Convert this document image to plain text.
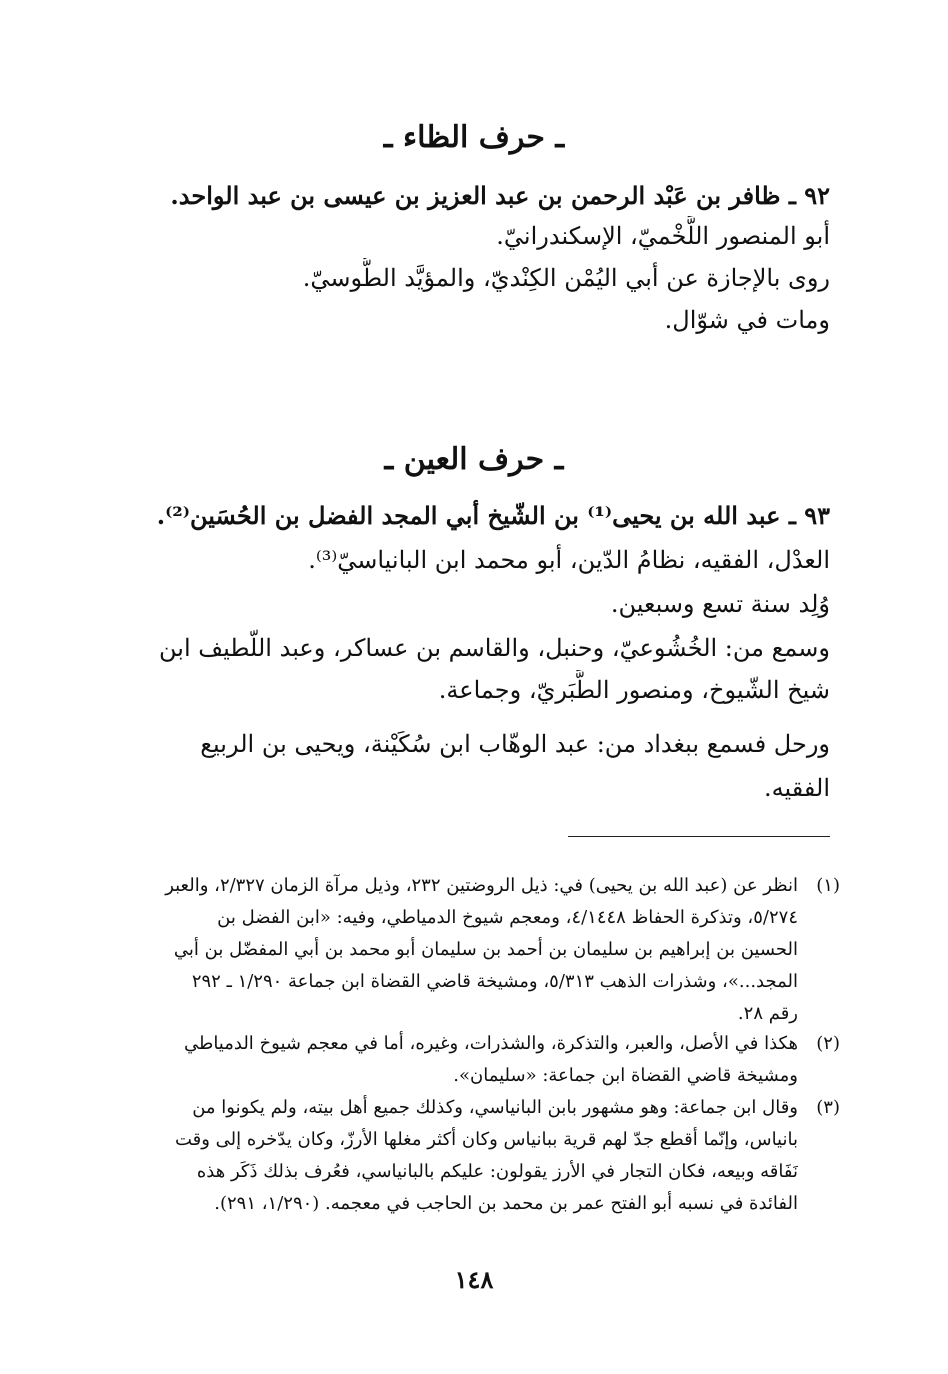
ـ حرف الظاء ـ
٩٢ ـ ظافر بن عَبْد الرحمن بن عبد العزيز بن عيسى بن عبد الواحد.
أبو المنصور اللَّخْميّ، الإسكندرانيّ.
روى بالإجازة عن أبي اليُمْن الكِنْديّ، والمؤيَّد الطُّوسيّ.
ومات في شوّال.
ـ حرف العين ـ
٩٣ ـ عبد الله بن يحيى⁽¹⁾ بن الشّيخ أبي المجد الفضل بن الحُسَين⁽²⁾.
العدْل، الفقيه، نظامُ الدّين، أبو محمد ابن البانياسيّ⁽³⁾.
وُلِد سنة تسع وسبعين.
وسمع من: الخُشُوعيّ، وحنبل، والقاسم بن عساكر، وعبد اللّطيف ابن
شيخ الشّيوخ، ومنصور الطَّبَريّ، وجماعة.
ورحل فسمع ببغداد من: عبد الوهّاب ابن سُكَيْنة، ويحيى بن الربيع
الفقيه.
(١)
انظر عن (عبد الله بن يحيى) في: ذيل الروضتين ٢٣٢، وذيل مرآة الزمان ٢/٣٢٧، والعبر
٥/٢٧٤، وتذكرة الحفاظ ٤/١٤٤٨، ومعجم شيوخ الدمياطي، وفيه: «ابن الفضل بن
الحسين بن إبراهيم بن سليمان بن أحمد بن سليمان أبو محمد بن أبي المفضّل بن أبي
المجد...»، وشذرات الذهب ٥/٣١٣، ومشيخة قاضي القضاة ابن جماعة ١/٢٩٠ ـ ٢٩٢
رقم ٢٨.
(٢)
هكذا في الأصل، والعبر، والتذكرة، والشذرات، وغيره، أما في معجم شيوخ الدمياطي
ومشيخة قاضي القضاة ابن جماعة: «سليمان».
(٣)
وقال ابن جماعة: وهو مشهور بابن البانياسي، وكذلك جميع أهل بيته، ولم يكونوا من
بانياس، وإنّما أقطع جدّ لهم قرية ببانياس وكان أكثر مغلها الأرزّ، وكان يدّخره إلى وقت
نَفَاقه وبيعه، فكان التجار في الأرز يقولون: عليكم بالبانياسي، فعُرف بذلك ذَكَر هذه
الفائدة في نسبه أبو الفتح عمر بن محمد بن الحاجب في معجمه. (١/٢٩٠، ٢٩١).
١٤٨
